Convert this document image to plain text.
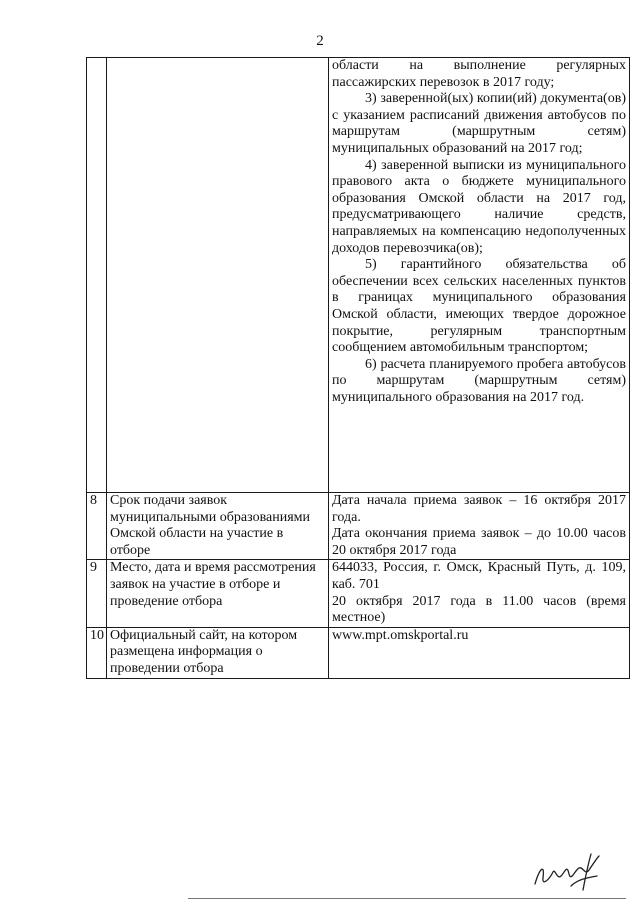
2

		области на выполнение регулярных пассажирских перевозок в 2017 году;

3) заверенной(ых) копии(ий) документа(ов) с указанием расписаний движения автобусов по маршрутам (маршрутным сетям) муниципальных образований на 2017 год;

4) заверенной выписки из муниципального правового акта о бюджете муниципального образования Омской области на 2017 год, предусматривающего наличие средств, направляемых на компенсацию недополученных доходов перевозчика(ов);

5) гарантийного обязательства об обеспечении всех сельских населенных пунктов в границах муниципального образования Омской области, имеющих твердое дорожное покрытие, регулярным транспортным сообщением автомобильным транспортом;

6) расчета планируемого пробега автобусов по маршрутам (маршрутным сетям) муниципального образования на 2017 год.

8	Срок подачи заявок муниципальными образованиями Омской области на участие в отборе	Дата начала приема заявок – 16 октября 2017 года.

Дата окончания приема заявок – до 10.00 часов 20 октября 2017 года

9	Место, дата и время рассмотрения заявок на участие в отборе и проведение отбора	644033, Россия, г. Омск, Красный Путь, д. 109, каб. 701

20 октября 2017 года в 11.00 часов (время местное)

10	Официальный сайт, на котором размещена информация о проведении отбора	www.mpt.omskportal.ru
